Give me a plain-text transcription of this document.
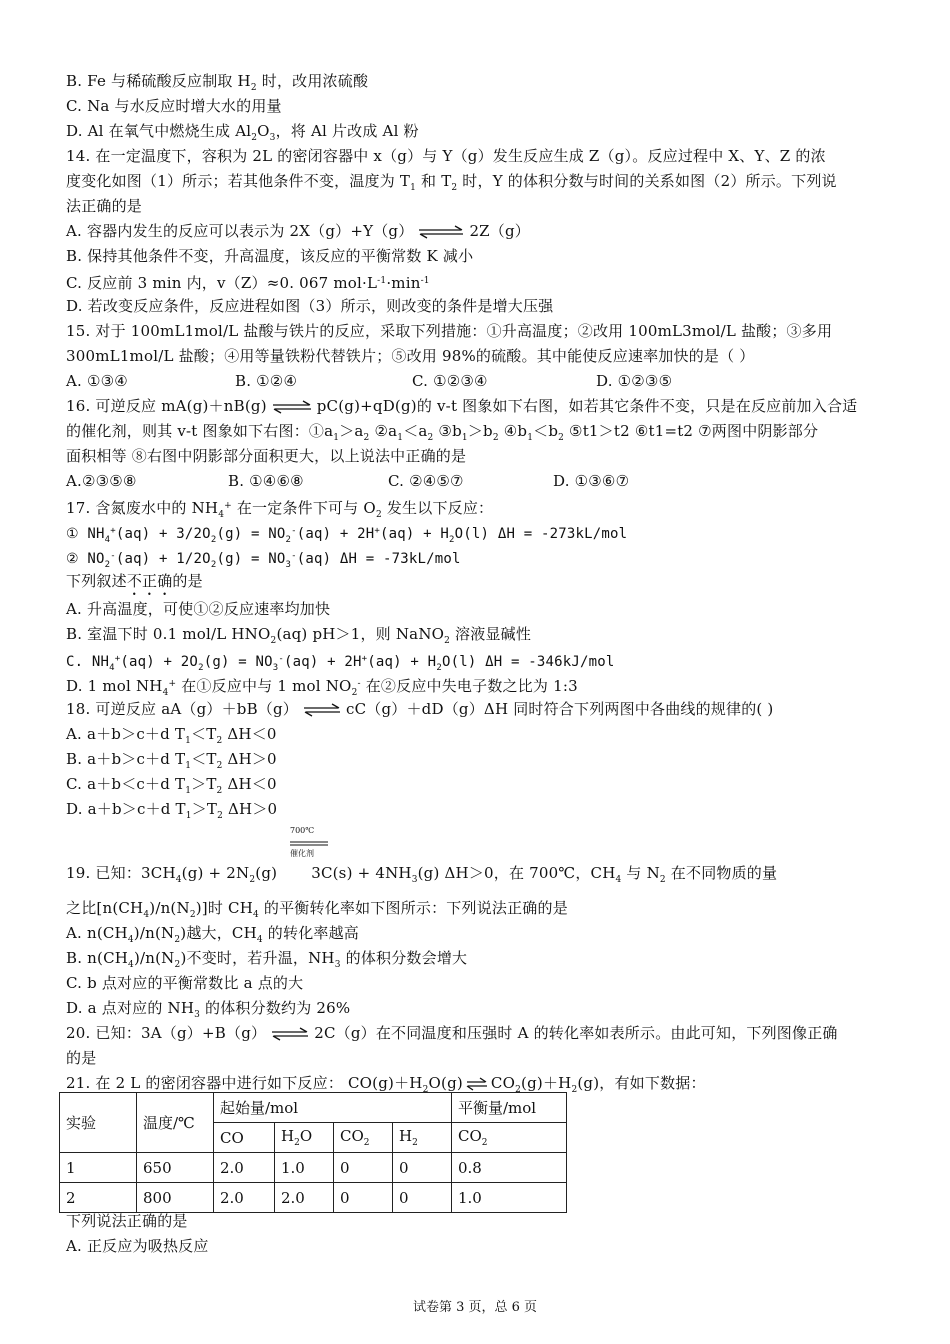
B. Fe 与稀硫酸反应制取 $H_2$ 时，改用浓硫酸
C. Na 与水反应时增大水的用量
D. Al 在氧气中燃烧生成 $Al_2O_3$，将 Al 片改成 Al 粉
14. 在一定温度下，容积为 2L 的密闭容器中 x（g）与 Y（g）发生反应生成 Z（g）。反应过程中 X、Y、Z 的浓
度变化如图（1）所示；若其他条件不变，温度为 $T_1$ 和 $T_2$ 时，Y 的体积分数与时间的关系如图（2）所示。下列说
法正确的是
A. 容器内发生的反应可以表示为 2X（g）+Y（g） ⇌ 2Z（g）
B. 保持其他条件不变，升高温度，该反应的平衡常数 K 减小
C. 反应前 3 min 内，v（Z）≈0. 067 $mol\cdot L^{-1}\cdot\min^{-1}$
D. 若改变反应条件，反应进程如图（3）所示，则改变的条件是增大压强
15. 对于 100mL1mol/L 盐酸与铁片的反应，采取下列措施：①升高温度；②改用 100mL3mol/L 盐酸；③多用
300mL1mol/L 盐酸；④用等量铁粉代替铁片；⑤改用 98%的硫酸。其中能使反应速率加快的是（ ）
A. ①③④	B. ①②④	C. ①②③④	D. ①②③⑤
16. 可逆反应 mA(g)＋nB(g) ⇌ pC(g)+qD(g)的 v-t 图象如下右图，如若其它条件不变，只是在反应前加入合适
的催化剂，则其 v-t 图象如下右图：$①a_1>a_2$ $②a_1<a_2$ $③b_1>b_2$ $④b_1<b_2$ ⑤t1＞t2 ⑥t1=t2 ⑦两图中阴影部分
面积相等 ⑧右图中阴影部分面积更大，以上说法中正确的是
A.②③⑤⑧	B. ①④⑥⑧	C. ②④⑤⑦	D. ①③⑥⑦
17. 含氮废水中的 $NH_4^+$ 在一定条件下可与 $O_2$ 发生以下反应：
① $NH_4^+(aq) + 3/2O_2(g) = NO_2^-(aq) + 2H^+(aq) + H_2O(l) \Delta H = -273kL/mol$
② $NO_2^-(aq) + 1/2O_2(g) = NO_3^-(aq) \Delta H = -73kL/mol$
下列叙述不正确的是
A. 升高温度，可使①②反应速率均加快
B. 室温下时 0.1 mol/L $HNO_2(aq)$ pH＞1，则 NaNO$_2$ 溶液显碱性
C. $NH_4^+(aq) + 2O_2(g) = NO_3^-(aq) + 2H^+(aq) + H_2O(l) \Delta H = -346kJ/mol$
D. 1 mol $NH_4^+$ 在①反应中与 1 mol $NO_2^-$ 在②反应中失电子数之比为 1:3
18. 可逆反应 aA（g）＋bB（g） ⇌ cC（g）＋dD（g）ΔH 同时符合下列两图中各曲线的规律的( )
A. a＋b＞c＋d $T_1<T_2$ ΔH＜0
B. a＋b＞c＋d $T_1<T_2$ ΔH＞0
C. a＋b＜c＋d $T_1>T_2$ ΔH＜0
D. a＋b＞c＋d $T_1>T_2$ ΔH＞0
700℃
催化剂
19. 已知：$3CH_4(g) + 2N_2(g) 3C(s) + 4NH_3(g)$ ΔH＞0，在 700℃，$CH_4$ 与 $N_2$ 在不同物质的量
之比$[n(CH_4)/n(N_2)]$时 $CH_4$ 的平衡转化率如下图所示：下列说法正确的是
A. $n(CH_4)/n(N_2)$越大，$CH_4$ 的转化率越高
B. $n(CH_4)/n(N_2)$不变时，若升温，$NH_3$ 的体积分数会增大
C. b 点对应的平衡常数比 a 点的大
D. a 点对应的 $NH_3$ 的体积分数约为 26%
20. 已知：3A（g）+B（g） ⇌ 2C（g）在不同温度和压强时 A 的转化率如表所示。由此可知，下列图像正确
的是
21. 在 2 L 的密闭容器中进行如下反应： $CO(g)+H_2O(g)$ ⇌ $CO_2(g)+H_2(g)$，有如下数据：
实验	温度/℃	起始量/mol				平衡量/mol
		CO	$H_2O$	$CO_2$	$H_2$	$CO_2$
1	650	2.0	1.0	0	0	0.8
2	800	2.0	2.0	0	0	1.0
下列说法正确的是
A. 正反应为吸热反应
试卷第 3 页，总 6 页
